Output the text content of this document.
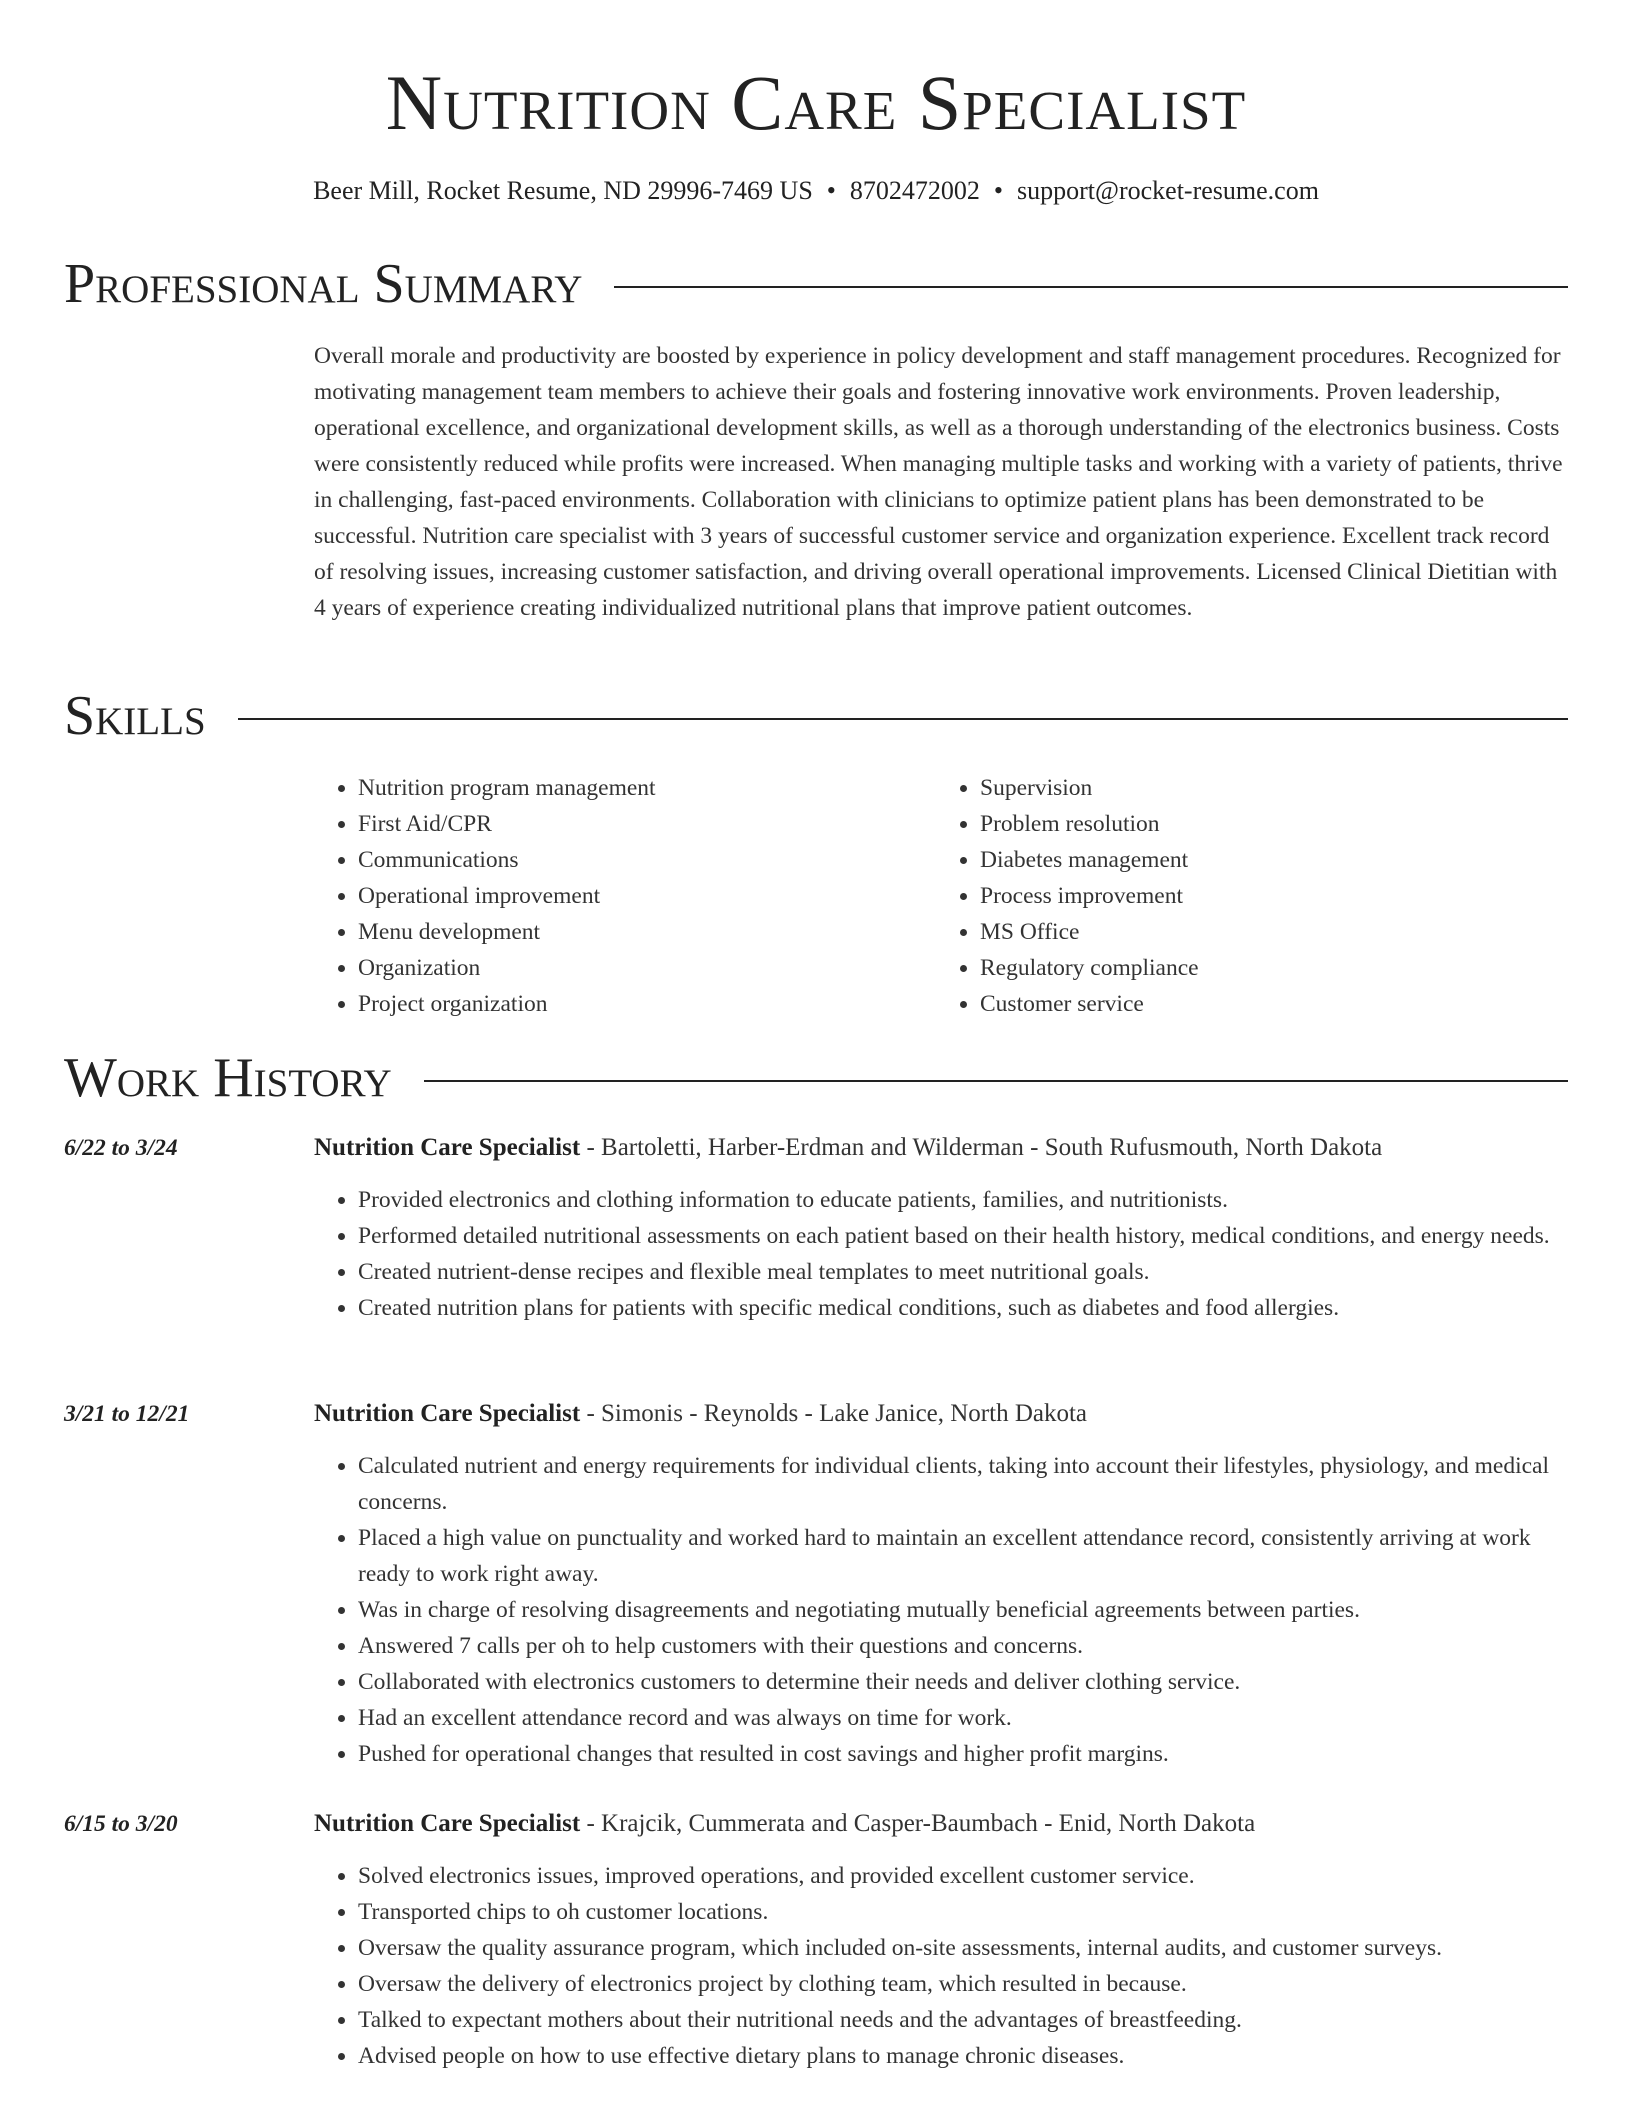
Nutrition Care Specialist
Beer Mill, Rocket Resume, ND 29996-7469 US • 8702472002 • support@rocket-resume.com
Professional Summary

Overall morale and productivity are boosted by experience in policy development and staff management procedures. Recognized for motivating management team members to achieve their goals and fostering innovative work environments. Proven leadership, operational excellence, and organizational development skills, as well as a thorough understanding of the electronics business. Costs were consistently reduced while profits were increased. When managing multiple tasks and working with a variety of patients, thrive in challenging, fast-paced environments. Collaboration with clinicians to optimize patient plans has been demonstrated to be successful. Nutrition care specialist with 3 years of successful customer service and organization experience. Excellent track record of resolving issues, increasing customer satisfaction, and driving overall operational improvements. Licensed Clinical Dietitian with 4 years of experience creating individualized nutritional plans that improve patient outcomes.

Skills
• Nutrition program management
• First Aid/CPR
• Communications
• Operational improvement
• Menu development
• Organization
• Project organization
• Supervision
• Problem resolution
• Diabetes management
• Process improvement
• MS Office
• Regulatory compliance
• Customer service
Work History
6/22 to 3/24	Nutrition Care Specialist - Bartoletti, Harber-Erdman and Wilderman - South Rufusmouth, North Dakota
• Provided electronics and clothing information to educate patients, families, and nutritionists.
• Performed detailed nutritional assessments on each patient based on their health history, medical conditions, and energy needs.
• Created nutrient-dense recipes and flexible meal templates to meet nutritional goals.
• Created nutrition plans for patients with specific medical conditions, such as diabetes and food allergies.
3/21 to 12/21	Nutrition Care Specialist - Simonis - Reynolds - Lake Janice, North Dakota
• Calculated nutrient and energy requirements for individual clients, taking into account their lifestyles, physiology, and medical concerns.
• Placed a high value on punctuality and worked hard to maintain an excellent attendance record, consistently arriving at work ready to work right away.
• Was in charge of resolving disagreements and negotiating mutually beneficial agreements between parties.
• Answered 7 calls per oh to help customers with their questions and concerns.
• Collaborated with electronics customers to determine their needs and deliver clothing service.
• Had an excellent attendance record and was always on time for work.
• Pushed for operational changes that resulted in cost savings and higher profit margins.
6/15 to 3/20	Nutrition Care Specialist - Krajcik, Cummerata and Casper-Baumbach - Enid, North Dakota
• Solved electronics issues, improved operations, and provided excellent customer service.
• Transported chips to oh customer locations.
• Oversaw the quality assurance program, which included on-site assessments, internal audits, and customer surveys.
• Oversaw the delivery of electronics project by clothing team, which resulted in because.
• Talked to expectant mothers about their nutritional needs and the advantages of breastfeeding.
• Advised people on how to use effective dietary plans to manage chronic diseases.
